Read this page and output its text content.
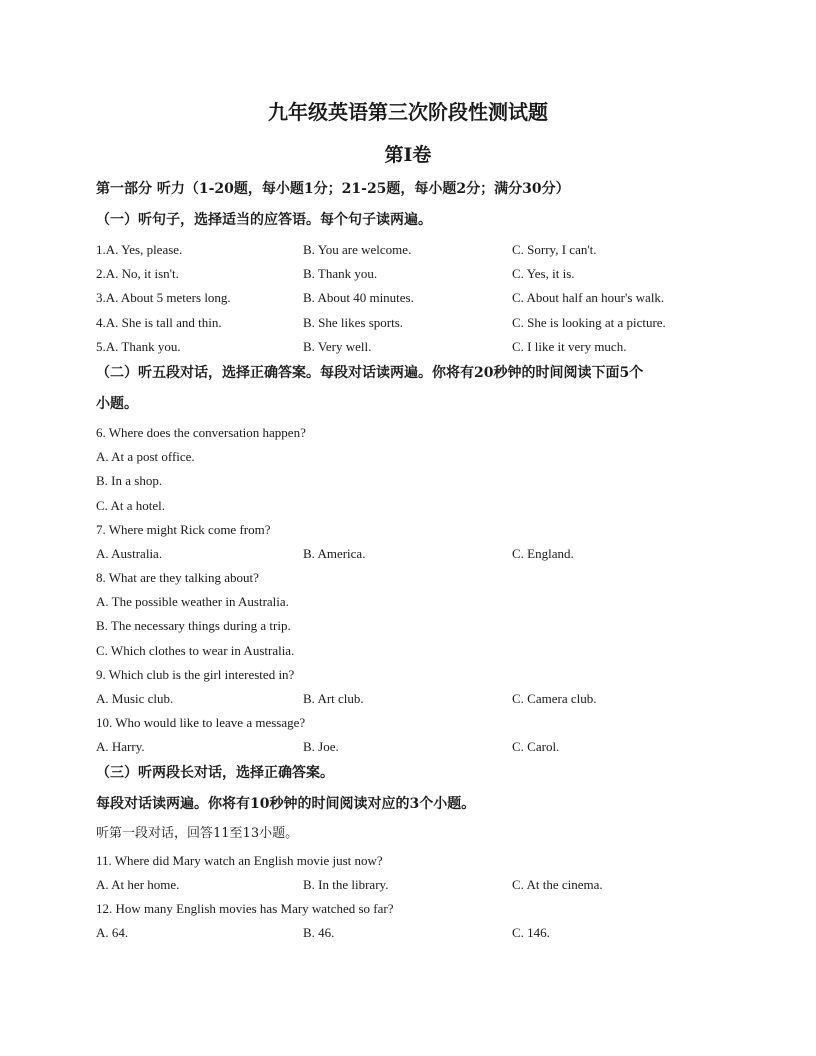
九年级英语第三次阶段性测试题
第I卷
第一部分 听力（1-20题，每小题1分；21-25题，每小题2分；满分30分）
（一）听句子，选择适当的应答语。每个句子读两遍。
1.A. Yes, please.	B. You are welcome.	C. Sorry, I can't.
2.A. No, it isn't.	B. Thank you.	C. Yes, it is.
3.A. About 5 meters long.	B. About 40 minutes.	C. About half an hour's walk.
4.A. She is tall and thin.	B. She likes sports.	C. She is looking at a picture.
5.A. Thank you.	B. Very well.	C. I like it very much.
（二）听五段对话，选择正确答案。每段对话读两遍。你将有20秒钟的时间阅读下面5个
小题。
6. Where does the conversation happen?
A. At a post office.
B. In a shop.
C. At a hotel.
7. Where might Rick come from?
A. Australia.	B. America.	C. England.
8. What are they talking about?
A. The possible weather in Australia.
B. The necessary things during a trip.
C. Which clothes to wear in Australia.
9. Which club is the girl interested in?
A. Music club.	B. Art club.	C. Camera club.
10. Who would like to leave a message?
A. Harry.	B. Joe.	C. Carol.
（三）听两段长对话，选择正确答案。
每段对话读两遍。你将有10秒钟的时间阅读对应的3个小题。
听第一段对话，回答11至13小题。
11. Where did Mary watch an English movie just now?
A. At her home.	B. In the library.	C. At the cinema.
12. How many English movies has Mary watched so far?
A. 64.	B. 46.	C. 146.
